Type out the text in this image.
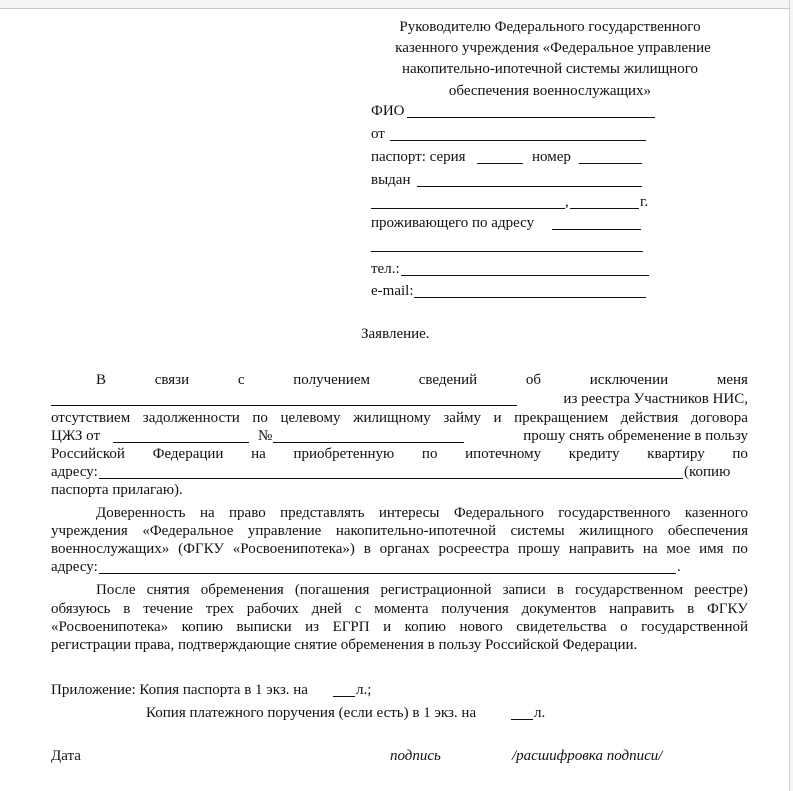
Руководителю Федерального государственного
казенного учреждения «Федеральное управление
накопительно-ипотечной системы жилищного
обеспечения военнослужащих»
ФИО
от
паспорт: серия	номер
выдан
,	г.
проживающего по адресу
тел.:
e-mail:
Заявление.
В	связи	с	получением	сведений	об	исключении	меня
из реестра Участников НИС,
отсутствием задолженности по целевому жилищному займу и прекращением действия договора
ЦЖЗ от	№	прошу снять обременение в пользу
Российской Федерации на приобретенную по ипотечному кредиту квартиру по
адресу:	(копию
паспорта прилагаю).
Доверенность на право представлять интересы Федерального государственного казенного
учреждения «Федеральное управление накопительно-ипотечной системы жилищного обеспечения
военнослужащих» (ФГКУ «Росвоенипотека») в органах росреестра прошу направить на мое имя по
адресу:	.
После снятия обременения (погашения регистрационной записи в государственном реестре)
обязуюсь в течение трех рабочих дней с момента получения документов направить в ФГКУ
«Росвоенипотека» копию выписки из ЕГРП и копию нового свидетельства о государственной
регистрации права, подтверждающие снятие обременения в пользу Российской Федерации.
Приложение: Копия паспорта в 1 экз. на	л.;
Копия платежного поручения (если есть) в 1 экз. на	л.
Дата	подпись	/расшифровка подписи/
